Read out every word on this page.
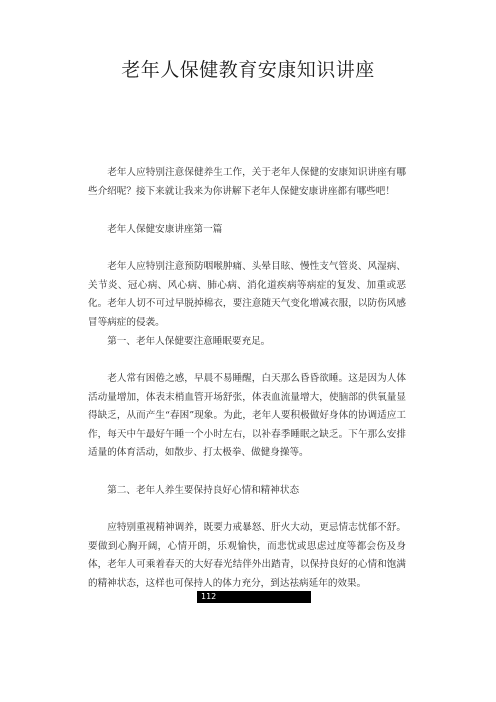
老年人保健教育安康知识讲座

老年人应特别注意保健养生工作，关于老年人保健的安康知识讲座有哪些介绍呢？接下来就让我来为你讲解下老年人保健安康讲座都有哪些吧！

老年人保健安康讲座第一篇

老年人应特别注意预防咽喉肿痛、头晕目眩、慢性支气管炎、风湿病、关节炎、冠心病、风心病、肺心病、消化道疾病等病症的复发、加重或恶化。老年人切不可过早脱掉棉衣，要注意随天气变化增减衣服，以防伤风感冒等病症的侵袭。

第一、老年人保健要注意睡眠要充足。

老人常有困倦之感，早晨不易睡醒，白天那么昏昏欲睡。这是因为人体活动量增加，体表末梢血管开场舒张，体表血流量增大，使脑部的供氧量显得缺乏，从而产生“春困”现象。为此，老年人要积极做好身体的协调适应工作，每天中午最好午睡一个小时左右，以补春季睡眠之缺乏。下午那么安排适量的体育活动，如散步、打太极拳、做健身操等。

第二、老年人养生要保持良好心情和精神状态

应特别重视精神调养，既要力戒暴怒、肝火大动，更忌情志忧郁不舒。要做到心胸开阔，心情开朗，乐观愉快，而悲忧或思虑过度等都会伤及身体，老年人可乘着春天的大好春光结伴外出踏青，以保持良好的心情和饱满的精神状态，这样也可保持人的体力充分，到达祛病延年的效果。

112
